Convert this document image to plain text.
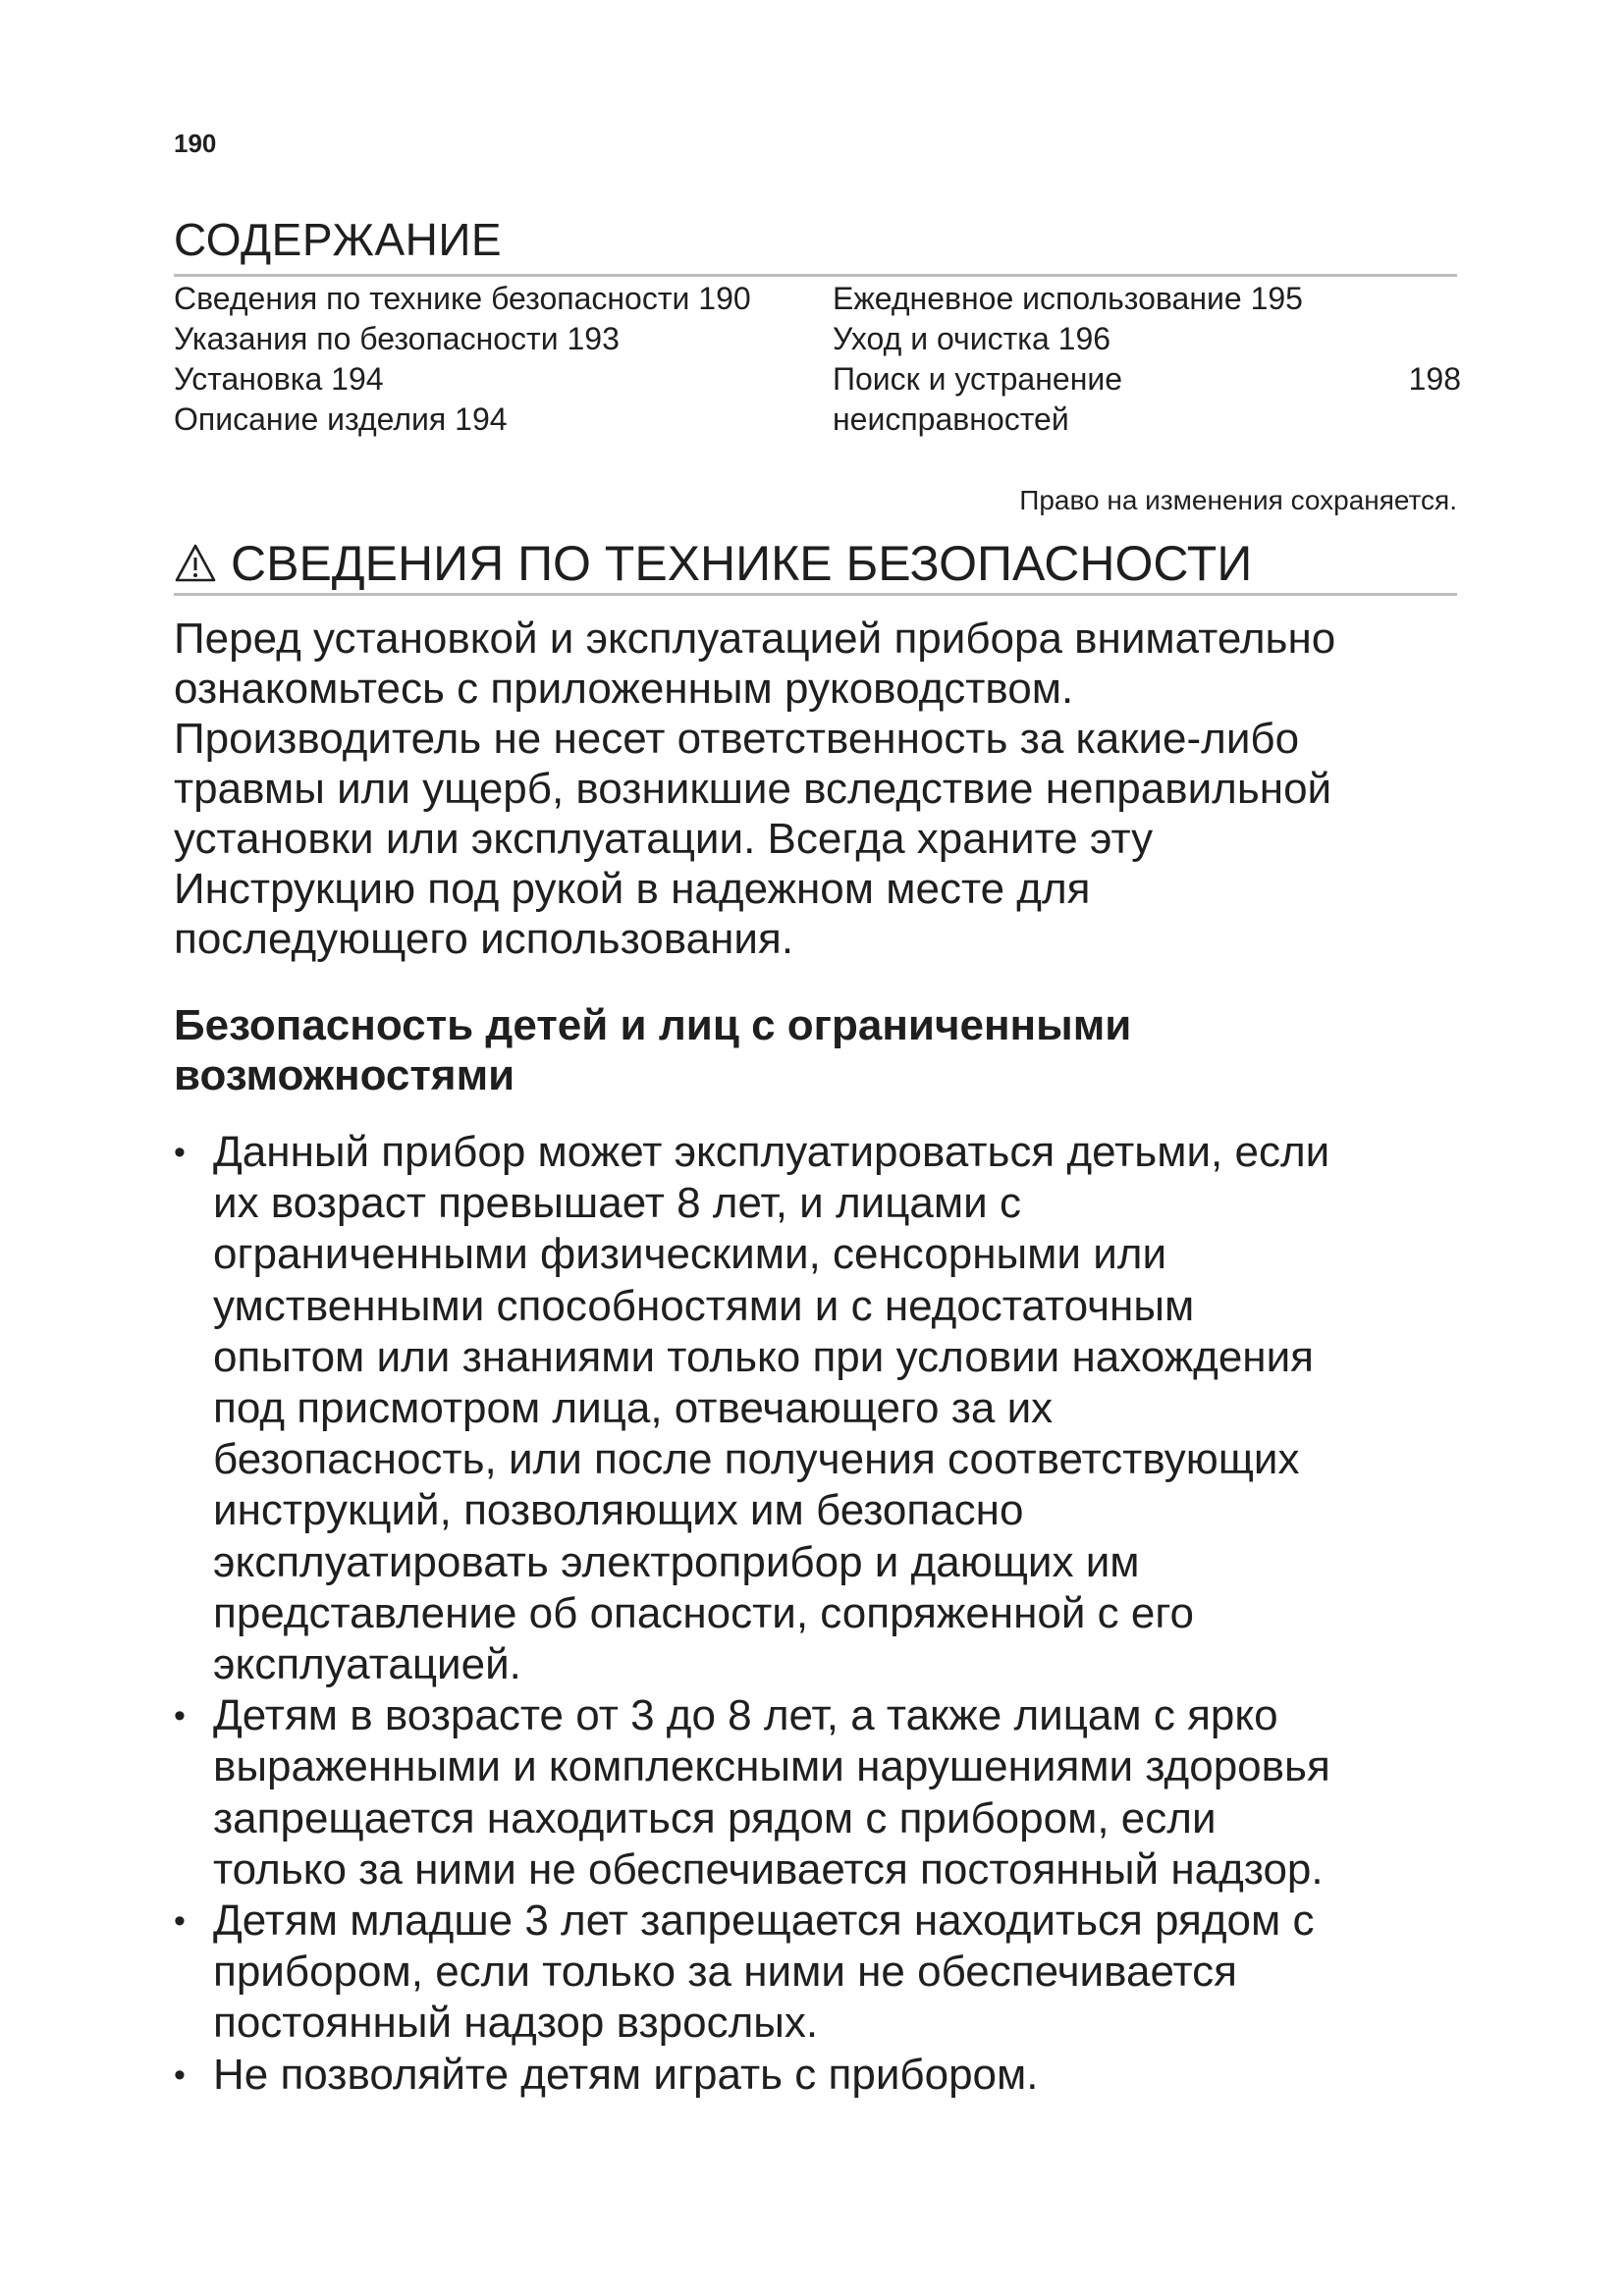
190
СОДЕРЖАНИЕ
Сведения по технике безопасности 190
Указания по безопасности 193
Установка 194
Описание изделия 194
Ежедневное использование 195
Уход и очистка 196
Поиск и устранение	198
неисправностей
Право на изменения сохраняется.
СВЕДЕНИЯ ПО ТЕХНИКЕ БЕЗОПАСНОСТИ

Перед установкой и эксплуатацией прибора внимательно

ознакомьтесь с приложенным руководством.

Производитель не несет ответственность за какие-либо

травмы или ущерб, возникшие вследствие неправильной

установки или эксплуатации. Всегда храните эту

Инструкцию под рукой в надежном месте для

последующего использования.

Безопасность детей и лиц с ограниченными
возможностями
• Данный прибор может эксплуатироваться детьми, если
их возраст превышает 8 лет, и лицами с
ограниченными физическими, сенсорными или
умственными способностями и с недостаточным
опытом или знаниями только при условии нахождения
под присмотром лица, отвечающего за их
безопасность, или после получения соответствующих
инструкций, позволяющих им безопасно
эксплуатировать электроприбор и дающих им
представление об опасности, сопряженной с его
эксплуатацией.
• Детям в возрасте от 3 до 8 лет, а также лицам с ярко
выраженными и комплексными нарушениями здоровья
запрещается находиться рядом с прибором, если
только за ними не обеспечивается постоянный надзор.
• Детям младше 3 лет запрещается находиться рядом с
прибором, если только за ними не обеспечивается
постоянный надзор взрослых.
• Не позволяйте детям играть с прибором.
